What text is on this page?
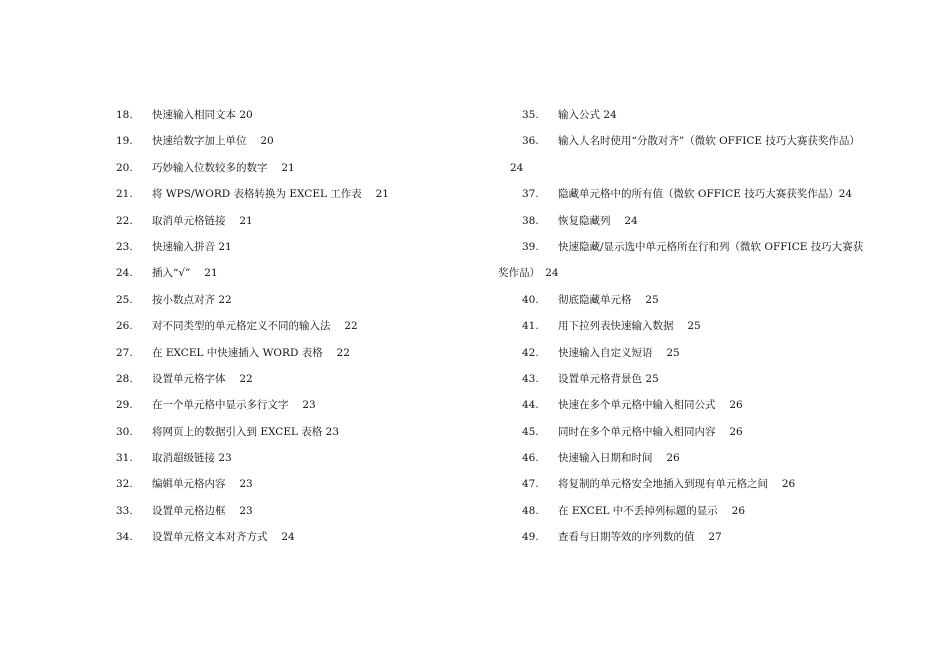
18. 快速输入相同文本 20
19. 快速给数字加上单位　 20
20. 巧妙输入位数较多的数字　 21
21. 将 WPS/WORD 表格转换为 EXCEL 工作表　 21
22. 取消单元格链接　 21
23. 快速输入拼音 21
24. 插入“√”　 21
25. 按小数点对齐 22
26. 对不同类型的单元格定义不同的输入法　 22
27. 在 EXCEL 中快速插入 WORD 表格　 22
28. 设置单元格字体　 22
29. 在一个单元格中显示多行文字　 23
30. 将网页上的数据引入到 EXCEL 表格 23
31. 取消超级链接 23
32. 编辑单元格内容　 23
33. 设置单元格边框　 23
34. 设置单元格文本对齐方式　 24
35. 输入公式 24
36. 输入人名时使用“分散对齐”（微软 OFFICE 技巧大赛获奖作品）
24
37. 隐藏单元格中的所有值（微软 OFFICE 技巧大赛获奖作品）24
38. 恢复隐藏列　 24
39. 快速隐藏/显示选中单元格所在行和列（微软 OFFICE 技巧大赛获
奖作品）　24
40. 彻底隐藏单元格　 25
41. 用下拉列表快速输入数据　 25
42. 快速输入自定义短语　 25
43. 设置单元格背景色 25
44. 快速在多个单元格中输入相同公式　 26
45. 同时在多个单元格中输入相同内容　 26
46. 快速输入日期和时间　 26
47. 将复制的单元格安全地插入到现有单元格之间　 26
48. 在 EXCEL 中不丢掉列标题的显示　 26
49. 查看与日期等效的序列数的值　 27
